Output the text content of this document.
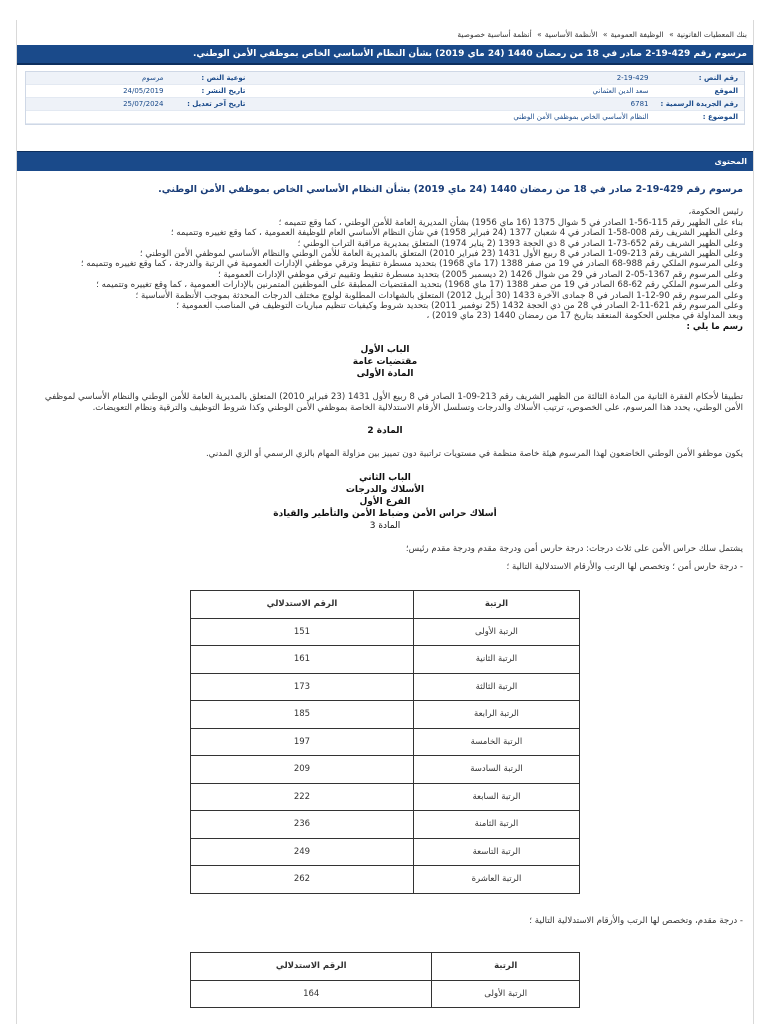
بنك المعطيات القانونية» الوظيفة العمومية» الأنظمة الأساسية» أنظمة أساسية خصوصية
مرسوم رقم 429-19-2 صادر في 18 من رمضان 1440 (24 ماي 2019) بشأن النظام الأساسي الخاص بموظفي الأمن الوطني.
رقم النص :	2-19-429	نوعية النص :	مرسوم
الموقع	سعد الدين العثماني	تاريخ النشر :	24/05/2019
رقم الجريدة الرسمية :	6781	تاريخ آخر تعديل :	25/07/2024
الموضوع :	النظام الأساسي الخاص بموظفي الأمن الوطني		
المحتوى
مرسوم رقم 429-19-2 صادر في 18 من رمضان 1440 (24 ماي 2019) بشأن النظام الأساسي الخاص بموظفي الأمن الوطني.

رئيس الحكومة،

بناء على الظهير رقم 115-56-1 الصادر في 5 شوال 1375 (16 ماي 1956) بشأن المديرية العامة للأمن الوطني ، كما وقع تتميمه ؛

وعلى الظهير الشريف رقم 008-58-1 الصادر في 4 شعبان 1377 (24 فبراير 1958) في شأن النظام الأساسي العام للوظيفة العمومية ، كما وقع تغييره وتتميمه ؛

وعلى الظهير الشريف رقم 652-73-1 الصادر في 8 ذي الحجة 1393 (2 يناير 1974) المتعلق بمديرية مراقبة التراب الوطني ؛

وعلى الظهير الشريف رقم 213-09-1 الصادر في 8 ربيع الأول 1431 (23 فبراير 2010) المتعلق بالمديرية العامة للأمن الوطني والنظام الأساسي لموظفي الأمن الوطني ؛

وعلى المرسوم الملكي رقم 988-68 الصادر في 19 من صفر 1388 (17 ماي 1968) بتحديد مسطرة تنقيط وترقي موظفي الإدارات العمومية في الرتبة والدرجة ، كما وقع تغييره وتتميمه ؛

وعلى المرسوم رقم 1367-05-2 الصادر في 29 من شوال 1426 (2 ديسمبر 2005) بتحديد مسطرة تنقيط وتقييم ترقي موظفي الإدارات العمومية ؛

وعلى المرسوم الملكي رقم 62-68 الصادر في 19 من صفر 1388 (17 ماي 1968) بتحديد المقتضيات المطبقة على الموظفين المتمرنين بالإدارات العمومية ، كما وقع تغييره وتتميمه ؛

وعلى المرسوم رقم 90-12-1 الصادر في 8 جمادى الآخرة 1433 (30 أبريل 2012) المتعلق بالشهادات المطلوبة لولوج مختلف الدرجات المحدثة بموجب الأنظمة الأساسية ؛

وعلى المرسوم رقم 621-11-2 الصادر في 28 من ذي الحجة 1432 (25 نوفمبر 2011) بتحديد شروط وكيفيات تنظيم مباريات التوظيف في المناصب العمومية ؛

وبعد المداولة في مجلس الحكومة المنعقد بتاريخ 17 من رمضان 1440 (23 ماي 2019) ،

رسم ما يلي :

الباب الأول
مقتضيات عامة
المادة الأولى

تطبيقا لأحكام الفقرة الثانية من المادة الثالثة من الظهير الشريف رقم 213-09-1 الصادر في 8 ربيع الأول 1431 (23 فبراير 2010) المتعلق بالمديرية العامة للأمن الوطني والنظام الأساسي لموظفي الأمن الوطني، يحدد هذا المرسوم، على الخصوص، ترتيب الأسلاك والدرجات وتسلسل الأرقام الاستدلالية الخاصة بموظفي الأمن الوطني وكذا شروط التوظيف والترقية ونظام التعويضات.

المادة 2

يكون موظفو الأمن الوطني الخاضعون لهذا المرسوم هيئة خاصة منظمة في مستويات تراتبية دون تمييز بين مزاولة المهام بالزي الرسمي أو الزي المدني.

الباب الثاني
الأسلاك والدرجات
الفرع الأول
أسلاك حراس الأمن وضباط الأمن والتأطير والقيادة
المادة 3

يشتمل سلك حراس الأمن على ثلاث درجات: درجة حارس أمن ودرجة مقدم ودرجة مقدم رئيس؛

- درجة حارس أمن ؛ وتخصص لها الرتب والأرقام الاستدلالية التالية ؛

الرتبة	الرقم الاستدلالي
الرتبة الأولى	151
الرتبة الثانية	161
الرتبة الثالثة	173
الرتبة الرابعة	185
الرتبة الخامسة	197
الرتبة السادسة	209
الرتبة السابعة	222
الرتبة الثامنة	236
الرتبة التاسعة	249
الرتبة العاشرة	262

- درجة مقدم، وتخصص لها الرتب والأرقام الاستدلالية التالية ؛

الرتبة	الرقم الاستدلالي
الرتبة الأولى	164
